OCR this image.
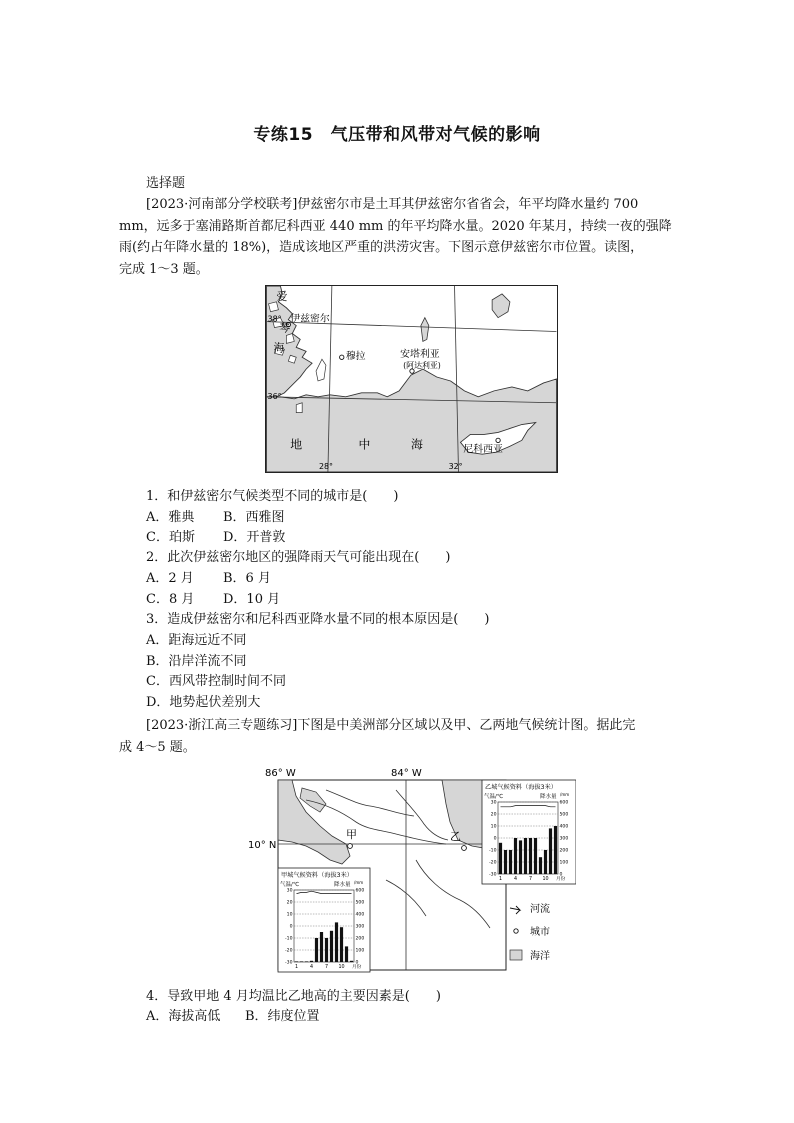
专练15　气压带和风带对气候的影响
选择题
[2023·河南部分学校联考]伊兹密尔市是土耳其伊兹密尔省省会，年平均降水量约 700
mm，远多于塞浦路斯首都尼科西亚 440 mm 的年平均降水量。2020 年某月，持续一夜的强降
雨(约占年降水量的 18%)，造成该地区严重的洪涝灾害。下图示意伊兹密尔市位置。读图，
完成 1～3 题。
爱
38°
琴
伊兹密尔
海
穆拉	安塔利亚
(阿达利亚)
36°
地	中	海	尼科西亚
28°	32°
1．和伊兹密尔气候类型不同的城市是(　　)
A．雅典 B．西雅图
C．珀斯 D．开普敦
2．此次伊兹密尔地区的强降雨天气可能出现在(　　)
A．2 月 B．6 月
C．8 月 D．10 月
3．造成伊兹密尔和尼科西亚降水量不同的根本原因是(　　)
A．距海远近不同
B．沿岸洋流不同
C．西风带控制时间不同
D．地势起伏差别大
[2023·浙江高三专题练习]下图是中美洲部分区域以及甲、乙两地气候统计图。据此完
成 4～5 题。
86° W	84° W
10° N
甲
乙城气候资料（海拔3米）
气温/℃	降水量 /mm
30
20
10
0
-10
-20
-30
600
500
400
300
200
100
0
1 4 7 10 月份
甲城气候资料（海拔3米）
气温/℃	降水量 /mm
30
20
10
0
-10
-20
-30
600
500
400
300
200
100
0
1 4 7 10 月份
河流
城市
海洋
乙
4．导致甲地 4 月均温比乙地高的主要因素是(　　)
A．海拔高低 B．纬度位置
